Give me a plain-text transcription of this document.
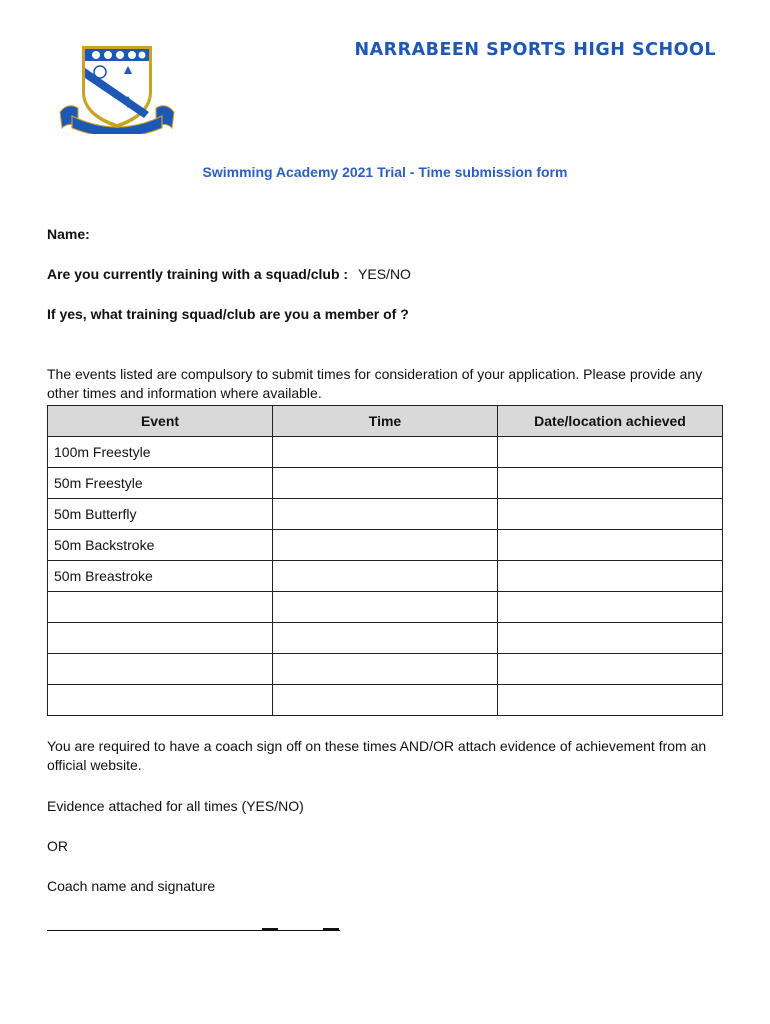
NARRABEEN SPORTS HIGH SCHOOL
Swimming Academy 2021 Trial - Time submission form
Name:
Are you currently training with a squad/club : YES/NO
If yes, what training squad/club are you a member of ?
The events listed are compulsory to submit times for consideration of your application. Please provide any other times and information where available.
Event	Time	Date/location achieved
100m Freestyle		
50m Freestyle		
50m Butterfly		
50m Backstroke		
50m Breastroke		

You are required to have a coach sign off on these times AND/OR attach evidence of achievement from an official website.
Evidence attached for all times (YES/NO)
OR
Coach name and signature
